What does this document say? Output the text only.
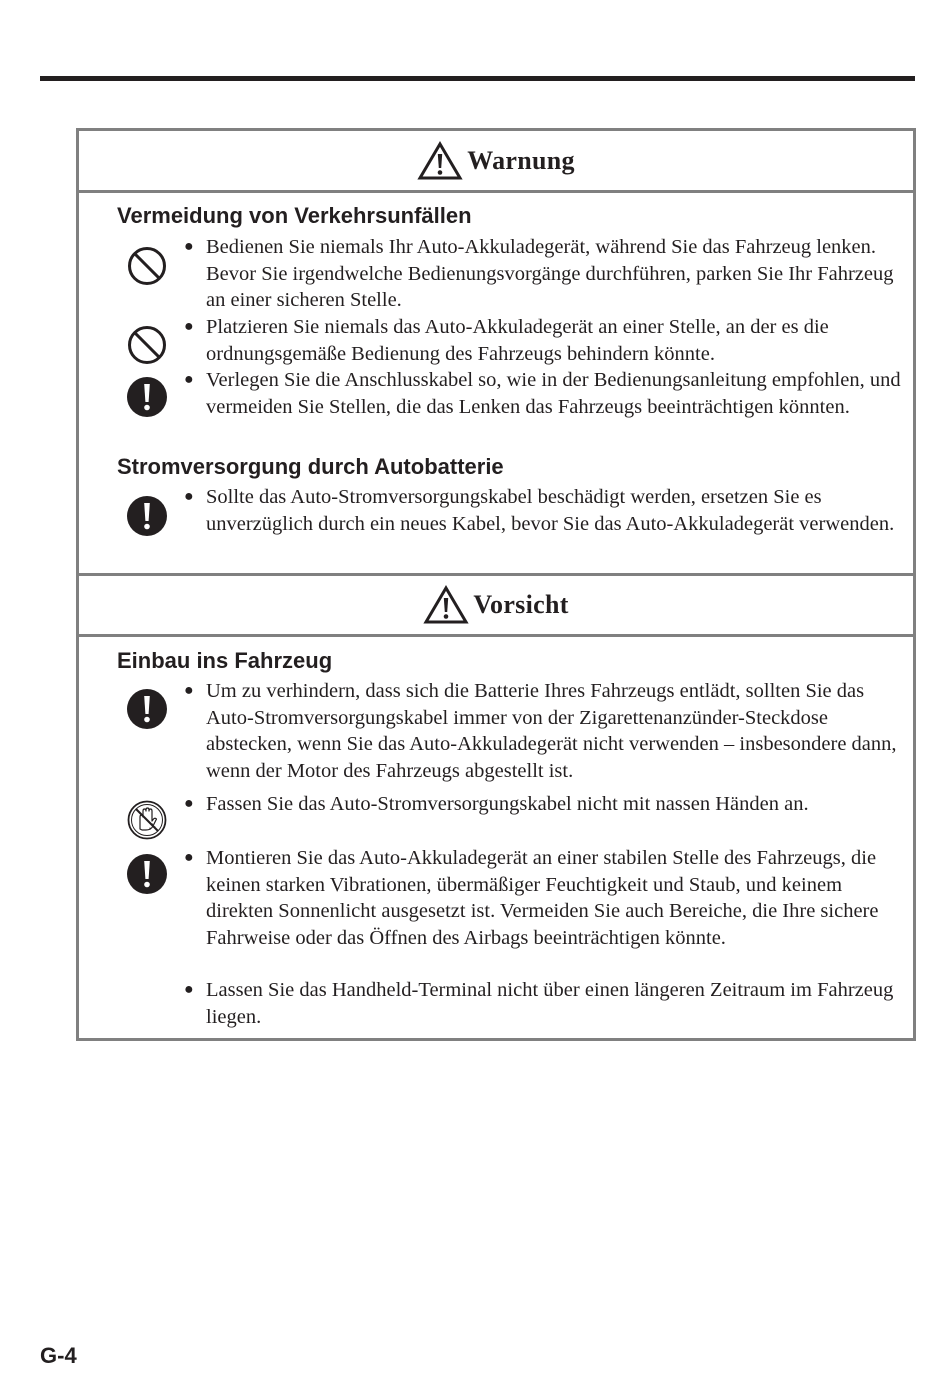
Warnung
Vermeidung von Verkehrsunfällen
● Bedienen Sie niemals Ihr Auto-Akkuladegerät, während Sie das Fahrzeug lenken. Bevor Sie irgendwelche Bedienungsvorgänge durchführen, parken Sie Ihr Fahrzeug an einer sicheren Stelle.
● Platzieren Sie niemals das Auto-Akkuladegerät an einer Stelle, an der es die ordnungsgemäße Bedienung des Fahrzeugs behindern könnte.
● Verlegen Sie die Anschlusskabel so, wie in der Bedienungsanleitung empfohlen, und vermeiden Sie Stellen, die das Lenken das Fahrzeugs beeinträchtigen könnten.
Stromversorgung durch Autobatterie
● Sollte das Auto-Stromversorgungskabel beschädigt werden, ersetzen Sie es unverzüglich durch ein neues Kabel, bevor Sie das Auto-Akkuladegerät verwenden.
Vorsicht
Einbau ins Fahrzeug
● Um zu verhindern, dass sich die Batterie Ihres Fahrzeugs entlädt, sollten Sie das Auto-Stromversorgungskabel immer von der Zigarettenanzünder-Steckdose abstecken, wenn Sie das Auto-Akkuladegerät nicht verwenden – insbesondere dann, wenn der Motor des Fahrzeugs abgestellt ist.
● Fassen Sie das Auto-Stromversorgungskabel nicht mit nassen Händen an.
● Montieren Sie das Auto-Akkuladegerät an einer stabilen Stelle des Fahrzeugs, die keinen starken Vibrationen, übermäßiger Feuchtigkeit und Staub, und keinem direkten Sonnenlicht ausgesetzt ist. Vermeiden Sie auch Bereiche, die Ihre sichere Fahrweise oder das Öffnen des Airbags beeinträchtigen könnte.
● Lassen Sie das Handheld-Terminal nicht über einen längeren Zeitraum im Fahrzeug liegen.
G-4
